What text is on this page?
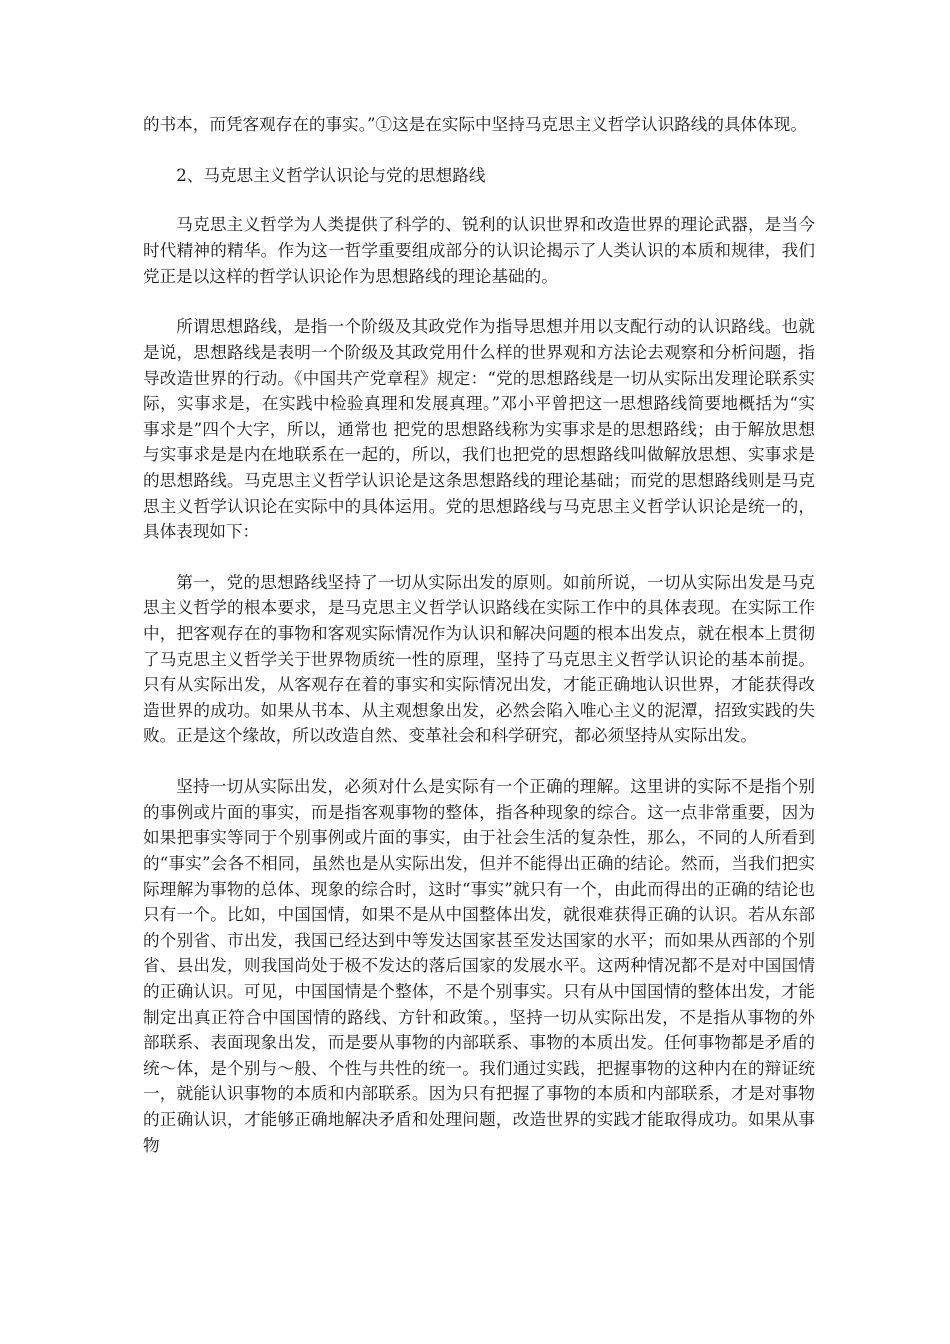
的书本，而凭客观存在的事实。”①这是在实际中坚持马克思主义哲学认识路线的具体体现。

2、马克思主义哲学认识论与党的思想路线

马克思主义哲学为人类提供了科学的、锐利的认识世界和改造世界的理论武器，是当今时代精神的精华。作为这一哲学重要组成部分的认识论揭示了人类认识的本质和规律，我们党正是以这样的哲学认识论作为思想路线的理论基础的。

所谓思想路线，是指一个阶级及其政党作为指导思想并用以支配行动的认识路线。也就是说，思想路线是表明一个阶级及其政党用什么样的世界观和方法论去观察和分析问题，指导改造世界的行动。《中国共产党章程》规定：“党的思想路线是一切从实际出发理论联系实际，实事求是，在实践中检验真理和发展真理。”邓小平曾把这一思想路线简要地概括为“实事求是”四个大字，所以，通常也 把党的思想路线称为实事求是的思想路线；由于解放思想与实事求是是内在地联系在一起的，所以，我们也把党的思想路线叫做解放思想、实事求是的思想路线。马克思主义哲学认识论是这条思想路线的理论基础；而党的思想路线则是马克思主义哲学认识论在实际中的具体运用。党的思想路线与马克思主义哲学认识论是统一的，具体表现如下：

第一，党的思想路线坚持了一切从实际出发的原则。如前所说，一切从实际出发是马克思主义哲学的根本要求，是马克思主义哲学认识路线在实际工作中的具体表现。在实际工作中，把客观存在的事物和客观实际情况作为认识和解决问题的根本出发点，就在根本上贯彻了马克思主义哲学关于世界物质统一性的原理，坚持了马克思主义哲学认识论的基本前提。只有从实际出发，从客观存在着的事实和实际情况出发，才能正确地认识世界，才能获得改造世界的成功。如果从书本、从主观想象出发，必然会陷入唯心主义的泥潭，招致实践的失败。正是这个缘故，所以改造自然、变革社会和科学研究，都必须坚持从实际出发。

坚持一切从实际出发，必须对什么是实际有一个正确的理解。这里讲的实际不是指个别的事例或片面的事实，而是指客观事物的整体，指各种现象的综合。这一点非常重要，因为如果把事实等同于个别事例或片面的事实，由于社会生活的复杂性，那么，不同的人所看到的“事实”会各不相同，虽然也是从实际出发，但并不能得出正确的结论。然而，当我们把实际理解为事物的总体、现象的综合时，这时“事实”就只有一个，由此而得出的正确的结论也只有一个。比如，中国国情，如果不是从中国整体出发，就很难获得正确的认识。若从东部的个别省、市出发，我国已经达到中等发达国家甚至发达国家的水平；而如果从西部的个别省、县出发，则我国尚处于极不发达的落后国家的发展水平。这两种情况都不是对中国国情的正确认识。可见，中国国情是个整体，不是个别事实。只有从中国国情的整体出发，才能制定出真正符合中国国情的路线、方针和政策。，坚持一切从实际出发，不是指从事物的外部联系、表面现象出发，而是要从事物的内部联系、事物的本质出发。任何事物都是矛盾的统～体，是个别与～般、个性与共性的统一。我们通过实践，把握事物的这种内在的辩证统一，就能认识事物的本质和内部联系。因为只有把握了事物的本质和内部联系，才是对事物的正确认识，才能够正确地解决矛盾和处理问题，改造世界的实践才能取得成功。如果从事物
